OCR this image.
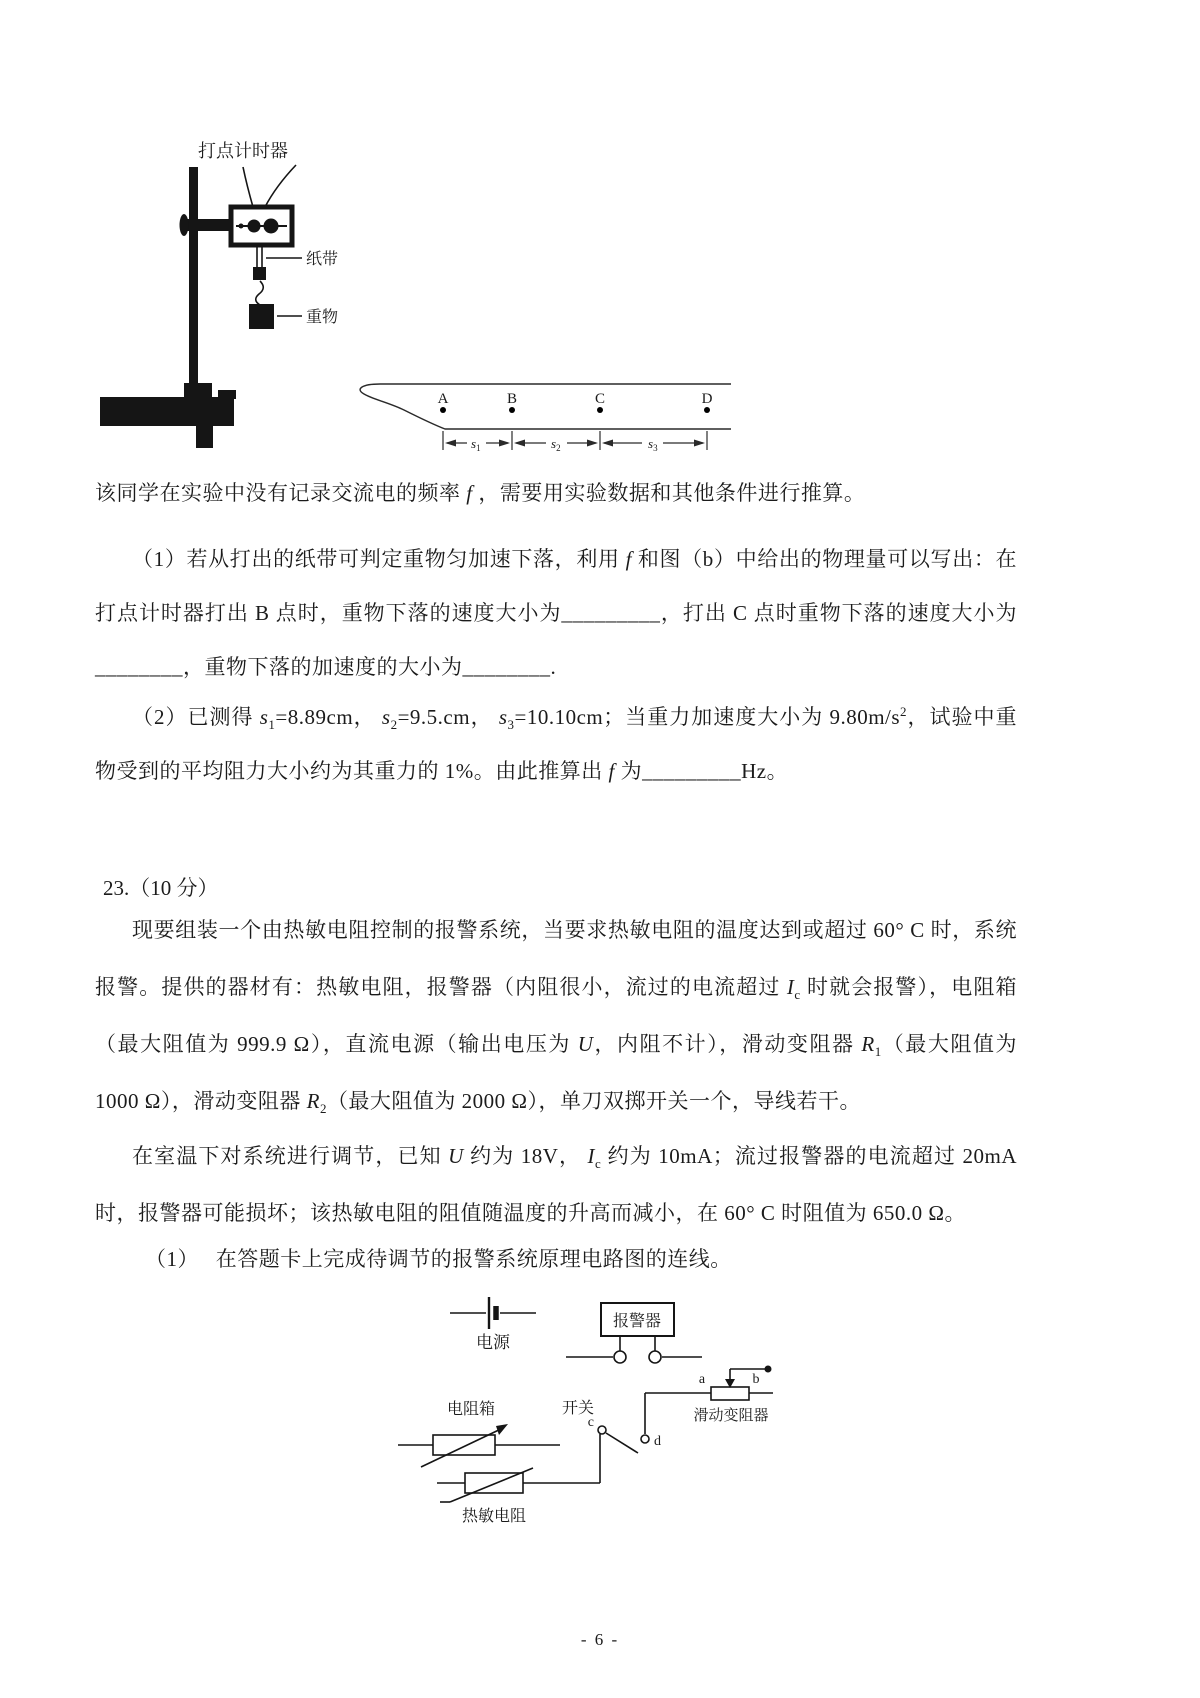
打点计时器
纸带
重物
A	B	C	D
$s_1$	$s_2$	$s_3$
电源
报警器
a	b
滑动变阻器
开关
c
d
电阻箱
热敏电阻
该同学在实验中没有记录交流电的频率 f ，需要用实验数据和其他条件进行推算。
（1）若从打出的纸带可判定重物匀加速下落，利用 f 和图（b）中给出的物理量可以写出：在打点计时器打出 B 点时，重物下落的速度大小为_________，打出 C 点时重物下落的速度大小为________，重物下落的加速度的大小为________.
（2）已测得 $s_1=8.89cm$， $s_2=9.5.cm$， $s_3=10.10cm$；当重力加速度大小为 $9.80m/s^2$，试验中重物受到的平均阻力大小约为其重力的 1%。由此推算出 f 为_________Hz。
23.（10 分）
现要组装一个由热敏电阻控制的报警系统，当要求热敏电阻的温度达到或超过 60° C 时，系统报警。提供的器材有：热敏电阻，报警器（内阻很小，流过的电流超过 $I_c$ 时就会报警），电阻箱（最大阻值为 999.9 Ω），直流电源（输出电压为 U，内阻不计），滑动变阻器 $R_1$（最大阻值为 1000 Ω），滑动变阻器 $R_2$（最大阻值为 2000 Ω），单刀双掷开关一个，导线若干。
在室温下对系统进行调节，已知 U 约为 18V， $I_c$ 约为 10mA；流过报警器的电流超过 20mA 时，报警器可能损坏；该热敏电阻的阻值随温度的升高而减小，在 60° C 时阻值为 650.0 Ω。
（1）　 在答题卡上完成待调节的报警系统原理电路图的连线。
- 6 -
